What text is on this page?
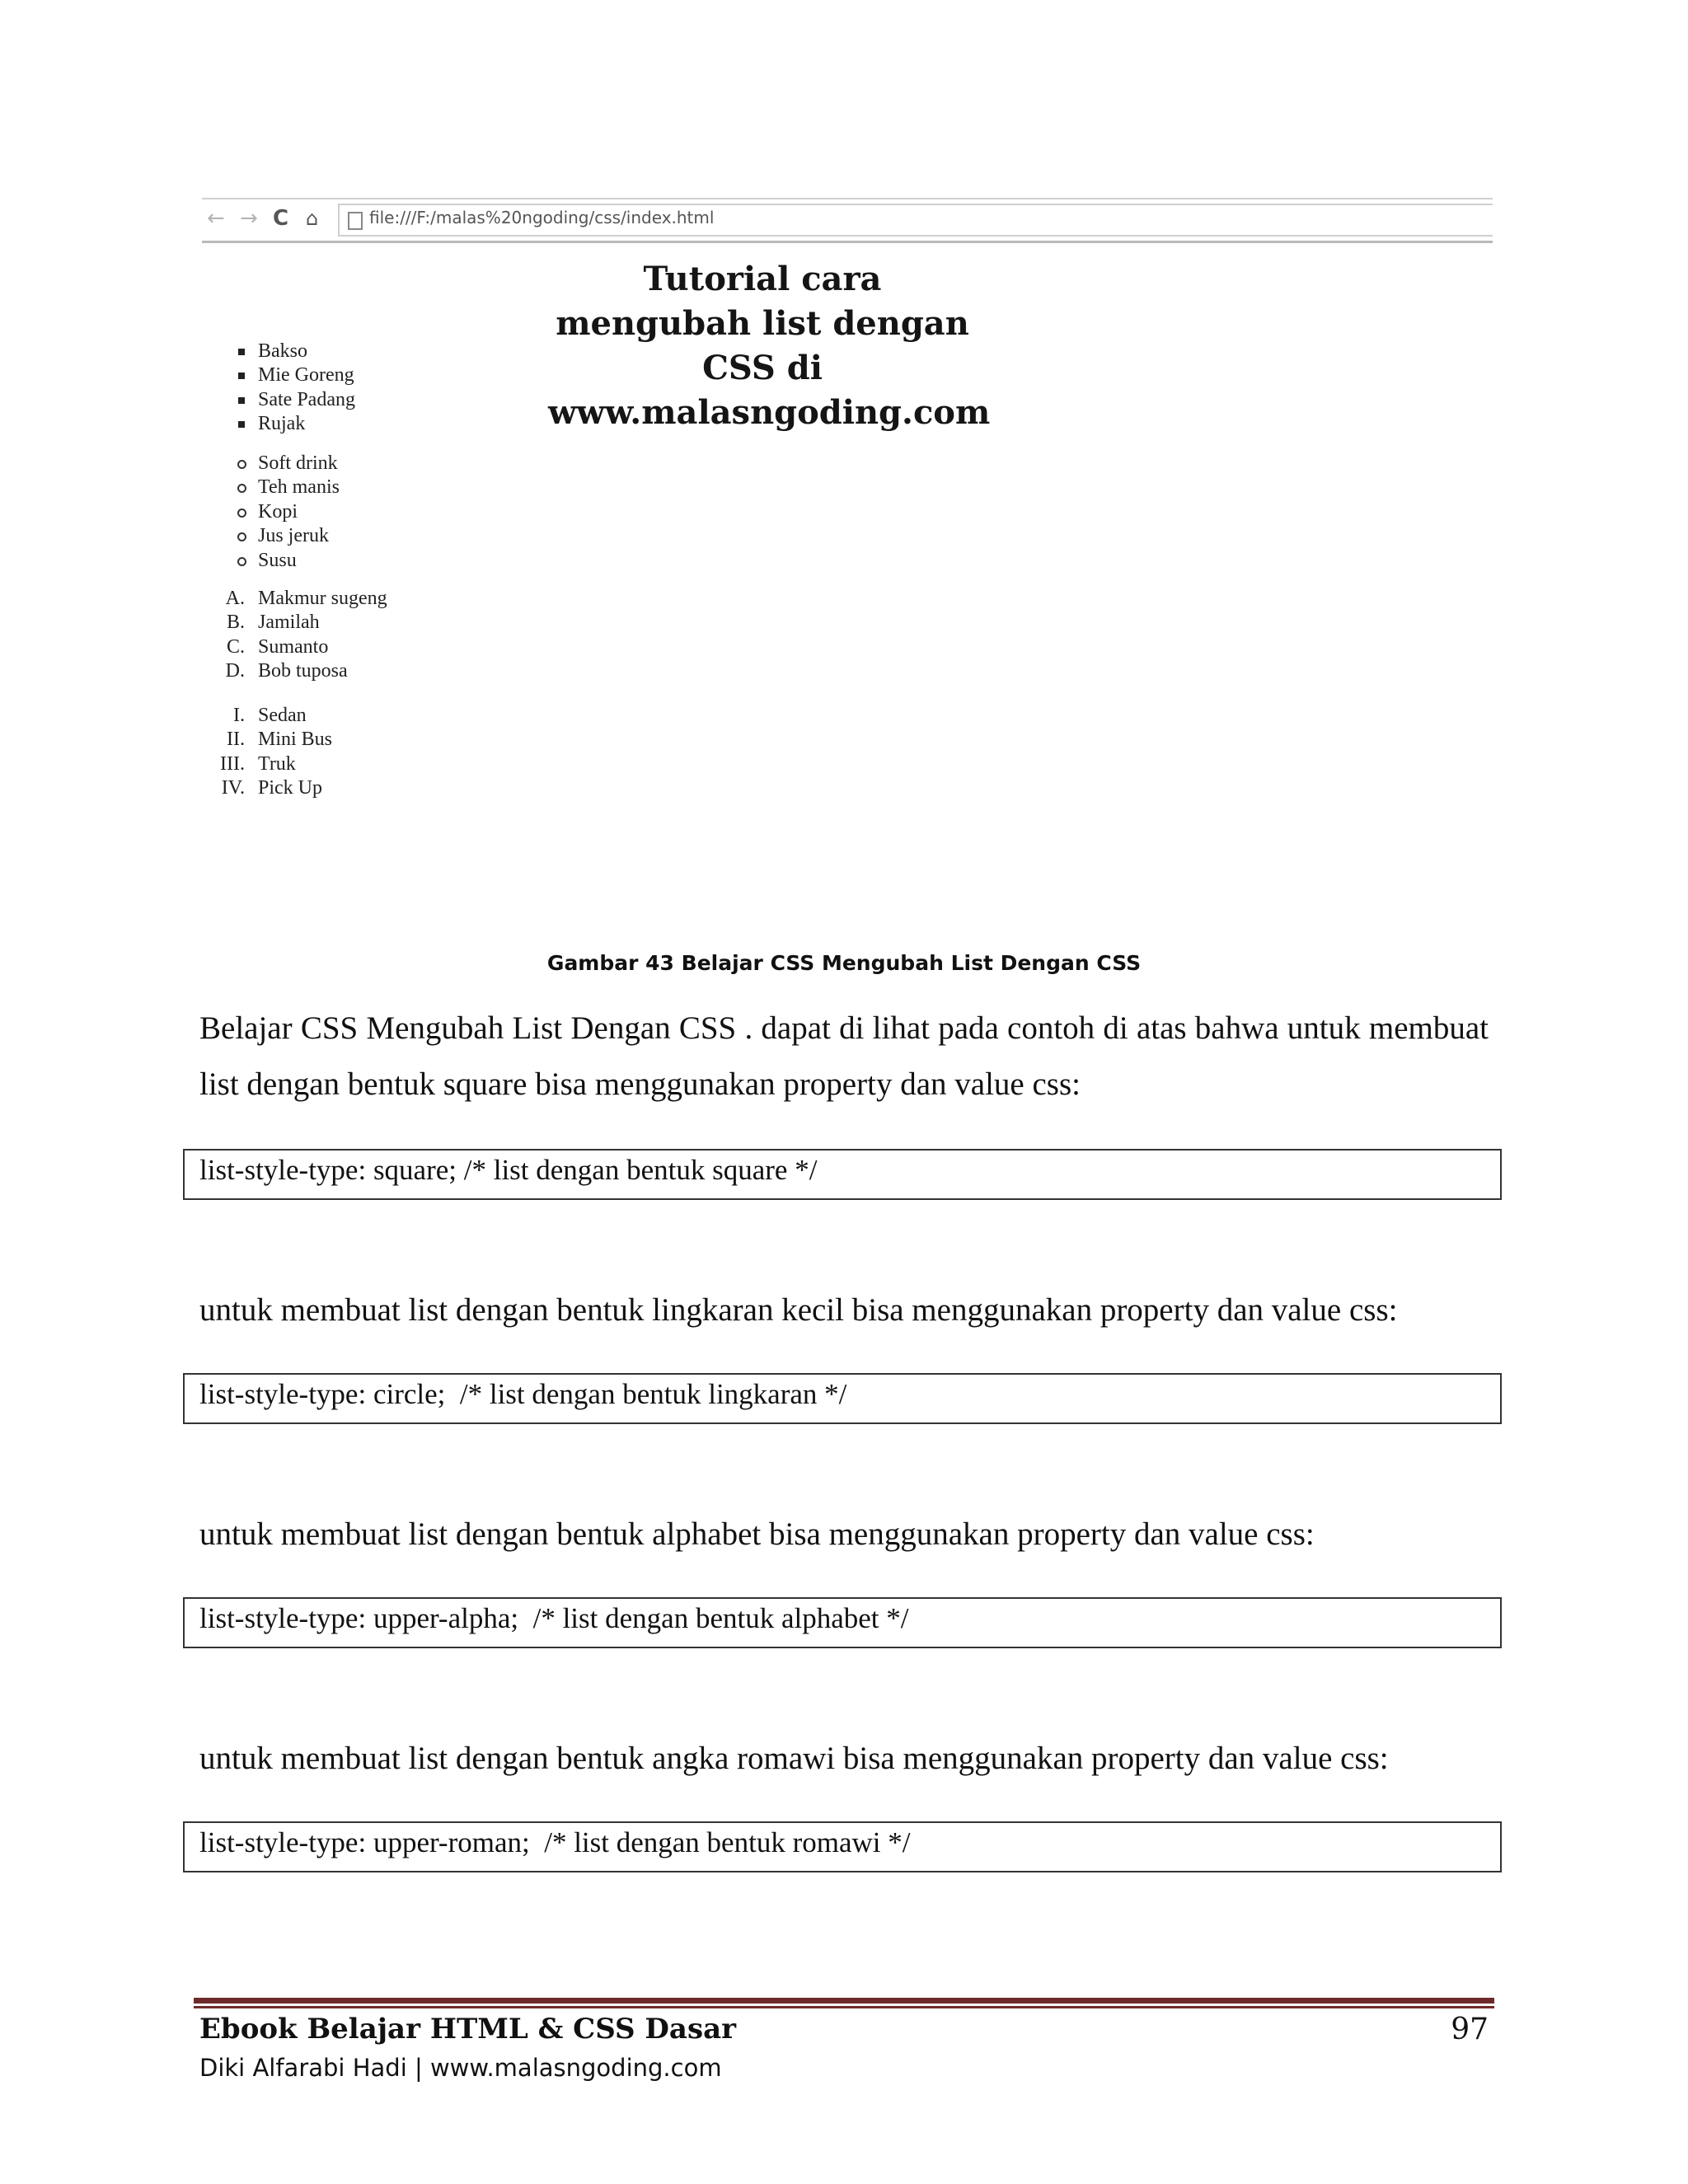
← → C ⌂	file:///F:/malas%20ngoding/css/index.html
Tutorial cara mengubah list dengan CSS di www.malasngoding.com
Bakso
Mie Goreng
Sate Padang
Rujak
Soft drink
Teh manis
Kopi
Jus jeruk
Susu
A. Makmur sugeng
B. Jamilah
C. Sumanto
D. Bob tuposa
I. Sedan
II. Mini Bus
III. Truk
IV. Pick Up
Gambar 43 Belajar CSS Mengubah List Dengan CSS

Belajar CSS Mengubah List Dengan CSS . dapat di lihat pada contoh di atas bahwa untuk membuat list dengan bentuk square bisa menggunakan property dan value css:

list-style-type: square; /* list dengan bentuk square */

untuk membuat list dengan bentuk lingkaran kecil bisa menggunakan property dan value css:

list-style-type: circle;  /* list dengan bentuk lingkaran */

untuk membuat list dengan bentuk alphabet bisa menggunakan property dan value css:

list-style-type: upper-alpha;  /* list dengan bentuk alphabet */

untuk membuat list dengan bentuk angka romawi bisa menggunakan property dan value css:

list-style-type: upper-roman;  /* list dengan bentuk romawi */
Ebook Belajar HTML & CSS Dasar
Diki Alfarabi Hadi | www.malasngoding.com
97
